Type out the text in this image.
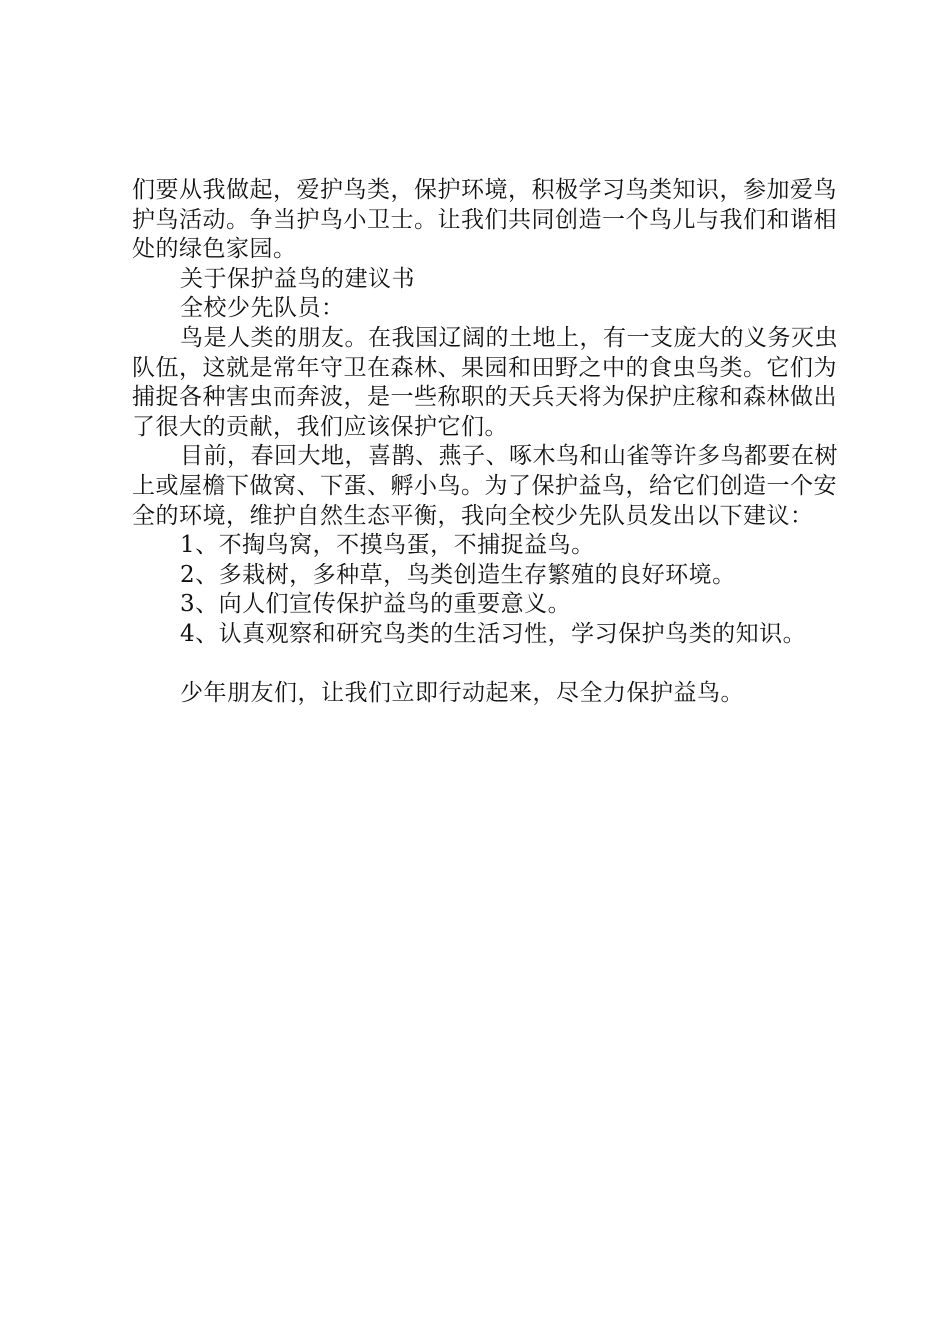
们要从我做起，爱护鸟类，保护环境，积极学习鸟类知识，参加爱鸟护鸟活动。争当护鸟小卫士。让我们共同创造一个鸟儿与我们和谐相处的绿色家园。

关于保护益鸟的建议书

全校少先队员：

鸟是人类的朋友。在我国辽阔的土地上，有一支庞大的义务灭虫队伍，这就是常年守卫在森林、果园和田野之中的食虫鸟类。它们为捕捉各种害虫而奔波，是一些称职的天兵天将为保护庄稼和森林做出了很大的贡献，我们应该保护它们。

目前，春回大地，喜鹊、燕子、啄木鸟和山雀等许多鸟都要在树上或屋檐下做窝、下蛋、孵小鸟。为了保护益鸟，给它们创造一个安全的环境，维护自然生态平衡，我向全校少先队员发出以下建议：

1、不掏鸟窝，不摸鸟蛋，不捕捉益鸟。

2、多栽树，多种草，鸟类创造生存繁殖的良好环境。

3、向人们宣传保护益鸟的重要意义。

4、认真观察和研究鸟类的生活习性，学习保护鸟类的知识。

少年朋友们，让我们立即行动起来，尽全力保护益鸟。
